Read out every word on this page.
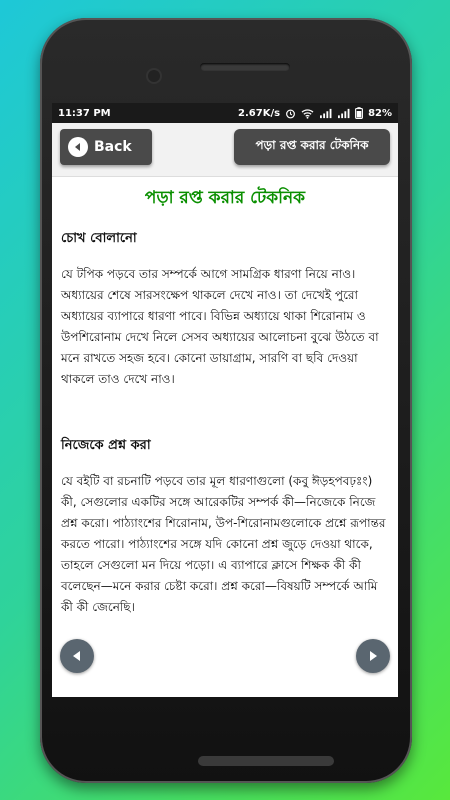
11:37 PM	2.67K/s	82%
Back	পড়া রপ্ত করার টেকনিক
পড়া রপ্ত করার টেকনিক
চোখ বোলানো
যে টপিক পড়বে তার সম্পর্কে আগে সামগ্রিক ধারণা নিয়ে নাও। অধ্যায়ের শেষে সারসংক্ষেপ থাকলে দেখে নাও। তা দেখেই পুরো অধ্যায়ের ব্যাপারে ধারণা পাবে। বিভিন্ন অধ্যায়ে থাকা শিরোনাম ও উপশিরোনাম দেখে নিলে সেসব অধ্যায়ের আলোচনা বুঝে উঠতে বা মনে রাখতে সহজ হবে। কোনো ডায়াগ্রাম, সারণি বা ছবি দেওয়া থাকলে তাও দেখে নাও।
নিজেকে প্রশ্ন করা
যে বইটি বা রচনাটি পড়বে তার মূল ধারণাগুলো (কবু ঈড়হপবঢ়ঃং) কী, সেগুলোর একটির সঙ্গে আরেকটির সম্পর্ক কী—নিজেকে নিজে প্রশ্ন করো। পাঠ্যাংশের শিরোনাম, উপ-শিরোনামগুলোকে প্রশ্নে রূপান্তর করতে পারো। পাঠ্যাংশের সঙ্গে যদি কোনো প্রশ্ন জুড়ে দেওয়া থাকে, তাহলে সেগুলো মন দিয়ে পড়ো। এ ব্যাপারে ক্লাসে শিক্ষক কী কী বলেছেন—মনে করার চেষ্টা করো। প্রশ্ন করো—বিষয়টি সম্পর্কে আমি কী কী জেনেছি।
